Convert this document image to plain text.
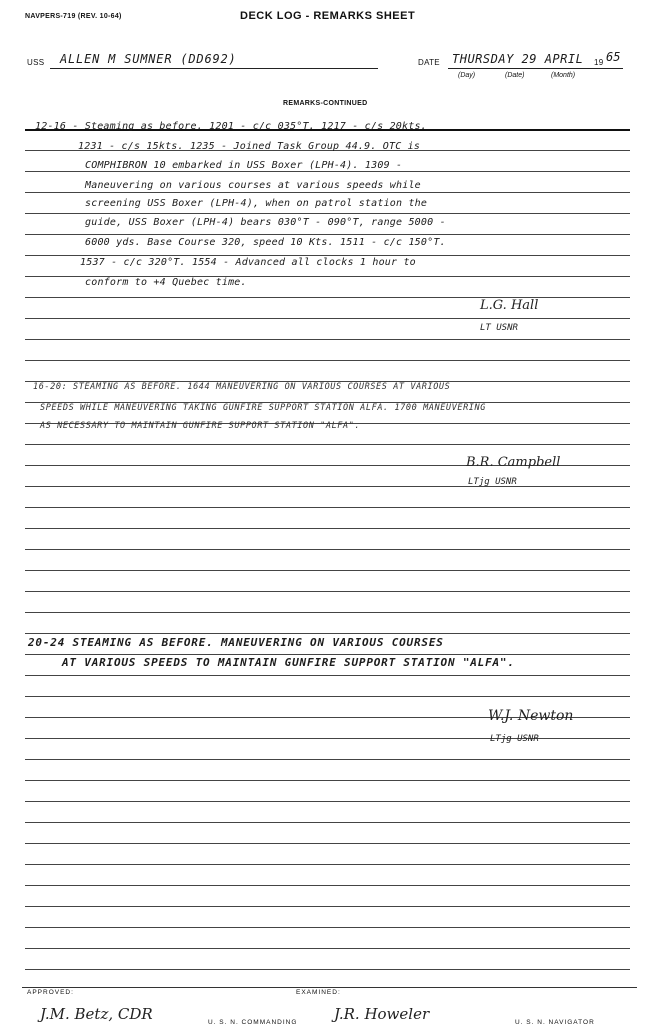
NAVPERS-719 (REV. 10-64)	DECK LOG - REMARKS SHEET
USS ALLEN M SUMNER (DD692)	DATE THURSDAY 29 APRIL 19 65
(Day)	(Date)	(Month)
REMARKS-CONTINUED
12-16 - Steaming as before. 1201 - c/c 035°T. 1217 - c/s 20kts.
1231 - c/s 15kts. 1235 - Joined Task Group 44.9. OTC is
COMPHIBRON 10 embarked in USS Boxer (LPH-4). 1309 -
Maneuvering on various courses at various speeds while
screening USS Boxer (LPH-4), when on patrol station the
guide, USS Boxer (LPH-4) bears 030°T - 090°T, range 5000 -
6000 yds. Base Course 320, speed 10 Kts. 1511 - c/c 150°T.
1537 - c/c 320°T. 1554 - Advanced all clocks 1 hour to
conform to +4 Quebec time.
L.G. Hall
LT USNR
16-20: STEAMING AS BEFORE. 1644 MANEUVERING ON VARIOUS COURSES AT VARIOUS
SPEEDS WHILE MANEUVERING TAKING GUNFIRE SUPPORT STATION ALFA. 1700 MANEUVERING
AS NECESSARY TO MAINTAIN GUNFIRE SUPPORT STATION "ALFA".
B.R. Campbell
LTjg USNR
20-24 STEAMING AS BEFORE. MANEUVERING ON VARIOUS COURSES
AT VARIOUS SPEEDS TO MAINTAIN GUNFIRE SUPPORT STATION "ALFA".
W.J. Newton
LTjg USNR
APPROVED:	EXAMINED:
J.M. Betz, CDR	U. S. N. COMMANDING J.R. Howeler	U. S. N. NAVIGATOR
